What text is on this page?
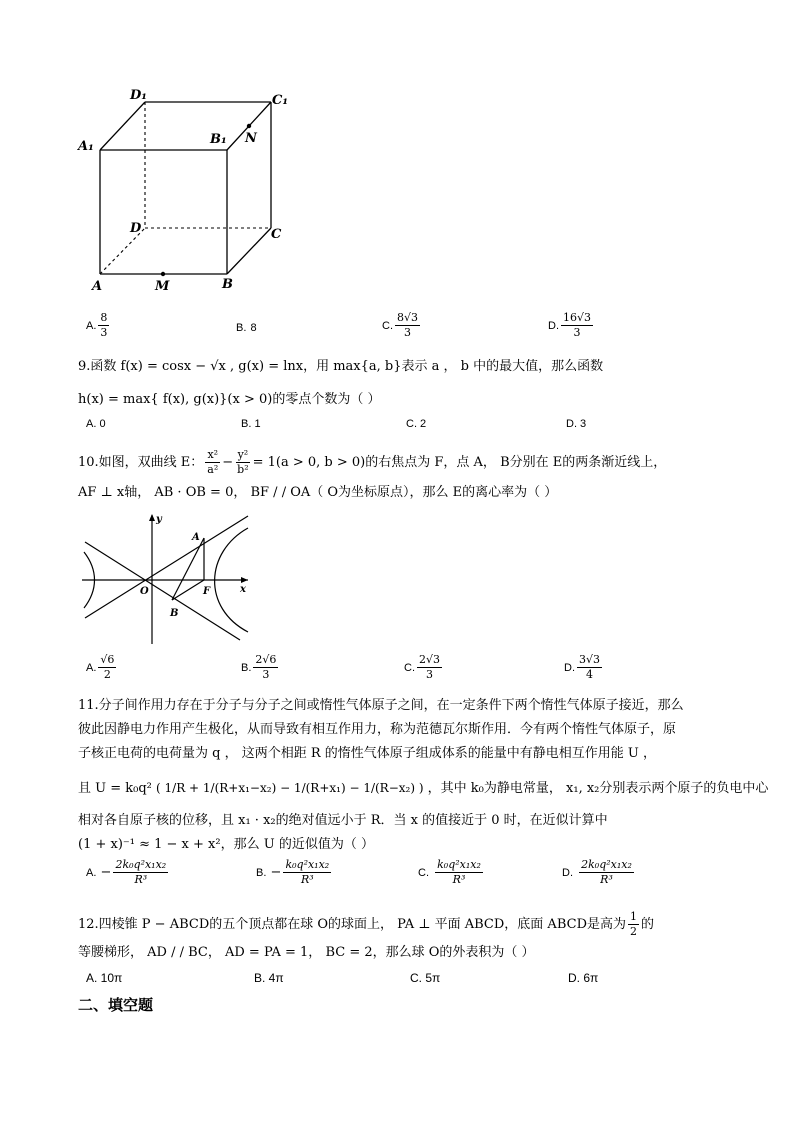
D₁	C₁
A₁	B₁ N
D	C
A	M	B
A. $\frac{8}{3}$	B. 8	C. $\frac{8√3}{3}$	D. $\frac{16√3}{3}$
9.函数 f(x) = cosx − √x , g(x) = lnx，用 max{a, b}表示 a ， b 中的最大值，那么函数
h(x) = max{ f(x), g(x)}(x > 0)的零点个数为（ ）
A. 0	B. 1	C. 2	D. 3
10.如图，双曲线 E： $\frac{\text{x²}}{\text{a²}} - \frac{\text{y²}}{\text{b²}} = 1(a > 0$, b > 0)的右焦点为 F，点 A， B分别在 E的两条渐近线上，
AF ⊥ x轴， AB · OB = 0， BF / / OA（ O为坐标原点），那么 E的离心率为（ ）
y
x
O
A
B
F
A. $\frac{√6}{2}$	B. $\frac{2√6}{3}$	C. $\frac{2√3}{3}$	D. $\frac{3√3}{4}$
11.分子间作用力存在于分子与分子之间或惰性气体原子之间，在一定条件下两个惰性气体原子接近，那么
彼此因静电力作用产生极化，从而导致有相互作用力，称为范德瓦尔斯作用．今有两个惰性气体原子，原
子核正电荷的电荷量为 q ， 这两个相距 R 的惰性气体原子组成体系的能量中有静电相互作用能 U ，
且 U = k₀q² ( 1/R + 1/(R+x₁−x₂) − 1/(R+x₁) − 1/(R−x₂) ) ，其中 k₀为静电常量， x₁, x₂分别表示两个原子的负电中心
相对各自原子核的位移，且 x₁ · x₂的绝对值远小于 R．当 x 的值接近于 0 时，在近似计算中
(1 + x)⁻¹ ≈ 1 − x + x²，那么 U 的近似值为（ ）
A. − $\frac{\text{2k₀q²x₁x₂}}{\text{R³}}$	B. − $\frac{\text{k₀q²x₁x₂}}{\text{R³}}$	C. $\frac{\text{k₀q²x₁x₂}}{\text{R³}}$	D. $\frac{\text{2k₀q²x₁x₂}}{\text{R³}}$
12.四棱锥 P − ABCD的五个顶点都在球 O的球面上， PA ⊥ 平面 ABCD，底面 ABCD是高为 $\frac{1}{2}$ 的
等腰梯形， AD / / BC， AD = PA = 1， BC = 2，那么球 O的外表积为（ ）
A. 10π	B. 4π	C. 5π	D. 6π
二、填空题
